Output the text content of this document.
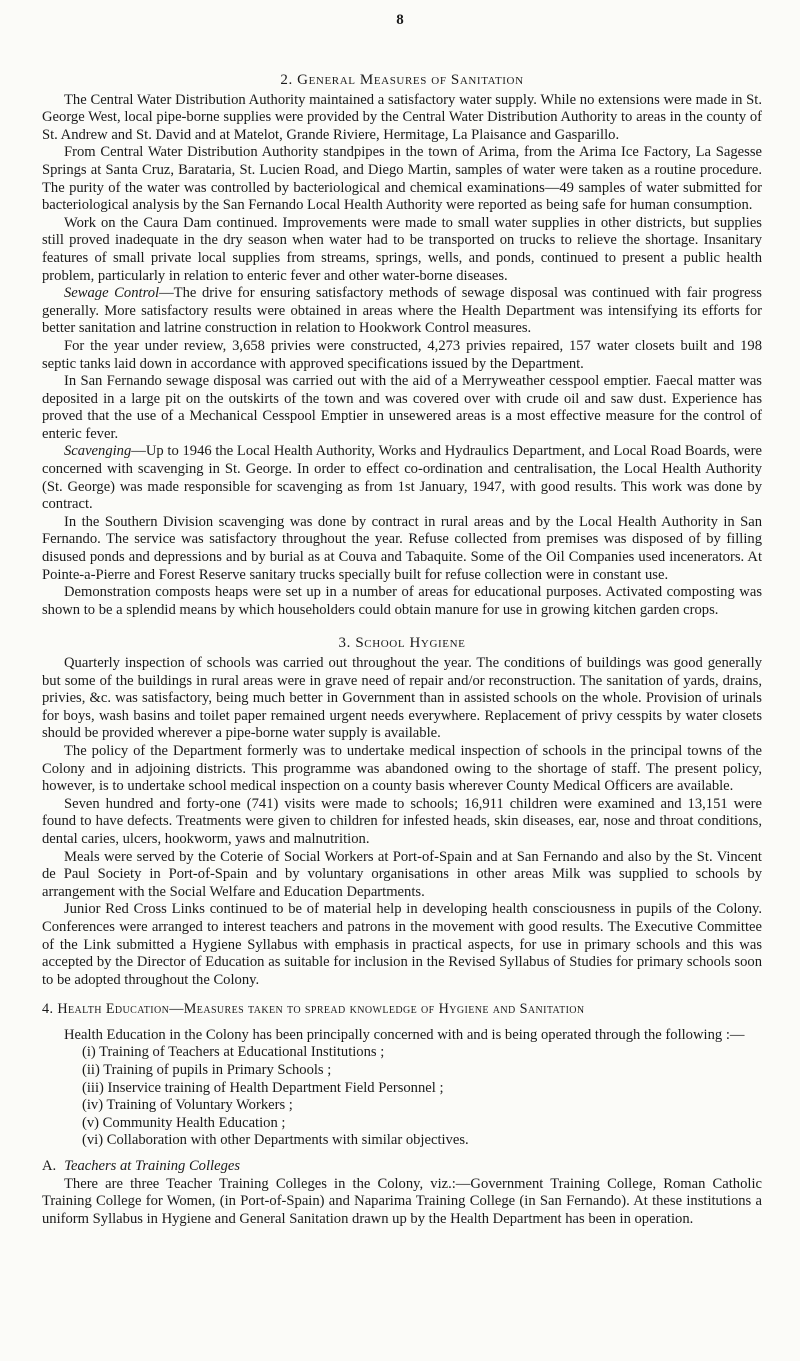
8
2. General Measures of Sanitation

The Central Water Distribution Authority maintained a satisfactory water supply. While no extensions were made in St. George West, local pipe-borne supplies were provided by the Central Water Distribution Authority to areas in the county of St. Andrew and St. David and at Matelot, Grande Riviere, Hermitage, La Plaisance and Gasparillo.

From Central Water Distribution Authority standpipes in the town of Arima, from the Arima Ice Factory, La Sagesse Springs at Santa Cruz, Barataria, St. Lucien Road, and Diego Martin, samples of water were taken as a routine procedure. The purity of the water was controlled by bacteriological and chemical examinations—49 samples of water submitted for bacteriological analysis by the San Fernando Local Health Authority were reported as being safe for human consumption.

Work on the Caura Dam continued. Improvements were made to small water supplies in other districts, but supplies still proved inadequate in the dry season when water had to be transported on trucks to relieve the shortage. Insanitary features of small private local supplies from streams, springs, wells, and ponds, continued to present a public health problem, particularly in relation to enteric fever and other water-borne diseases.

Sewage Control—The drive for ensuring satisfactory methods of sewage disposal was continued with fair progress generally. More satisfactory results were obtained in areas where the Health Department was intensifying its efforts for better sanitation and latrine construction in relation to Hookwork Control measures.

For the year under review, 3,658 privies were constructed, 4,273 privies repaired, 157 water closets built and 198 septic tanks laid down in accordance with approved specifications issued by the Department.

In San Fernando sewage disposal was carried out with the aid of a Merryweather cesspool emptier. Faecal matter was deposited in a large pit on the outskirts of the town and was covered over with crude oil and saw dust. Experience has proved that the use of a Mechanical Cesspool Emptier in unsewered areas is a most effective measure for the control of enteric fever.

Scavenging—Up to 1946 the Local Health Authority, Works and Hydraulics Department, and Local Road Boards, were concerned with scavenging in St. George. In order to effect co-ordination and centralisation, the Local Health Authority (St. George) was made responsible for scavenging as from 1st January, 1947, with good results. This work was done by contract.

In the Southern Division scavenging was done by contract in rural areas and by the Local Health Authority in San Fernando. The service was satisfactory throughout the year. Refuse collected from premises was disposed of by filling disused ponds and depressions and by burial as at Couva and Tabaquite. Some of the Oil Companies used incenerators. At Pointe-a-Pierre and Forest Reserve sanitary trucks specially built for refuse collection were in constant use.

Demonstration composts heaps were set up in a number of areas for educational purposes. Activated composting was shown to be a splendid means by which householders could obtain manure for use in growing kitchen garden crops.

3. School Hygiene

Quarterly inspection of schools was carried out throughout the year. The conditions of buildings was good generally but some of the buildings in rural areas were in grave need of repair and/or reconstruction. The sanitation of yards, drains, privies, &c. was satisfactory, being much better in Government than in assisted schools on the whole. Provision of urinals for boys, wash basins and toilet paper remained urgent needs everywhere. Replacement of privy cesspits by water closets should be provided wherever a pipe-borne water supply is available.

The policy of the Department formerly was to undertake medical inspection of schools in the principal towns of the Colony and in adjoining districts. This programme was abandoned owing to the shortage of staff. The present policy, however, is to undertake school medical inspection on a county basis wherever County Medical Officers are available.

Seven hundred and forty-one (741) visits were made to schools; 16,911 children were examined and 13,151 were found to have defects. Treatments were given to children for infested heads, skin diseases, ear, nose and throat conditions, dental caries, ulcers, hookworm, yaws and malnutrition.

Meals were served by the Coterie of Social Workers at Port-of-Spain and at San Fernando and also by the St. Vincent de Paul Society in Port-of-Spain and by voluntary organisations in other areas Milk was supplied to schools by arrangement with the Social Welfare and Education Departments.

Junior Red Cross Links continued to be of material help in developing health consciousness in pupils of the Colony. Conferences were arranged to interest teachers and patrons in the movement with good results. The Executive Committee of the Link submitted a Hygiene Syllabus with emphasis in practical aspects, for use in primary schools and this was accepted by the Director of Education as suitable for inclusion in the Revised Syllabus of Studies for primary schools soon to be adopted throughout the Colony.

4. Health Education—Measures taken to spread knowledge of Hygiene and Sanitation

Health Education in the Colony has been principally concerned with and is being operated through the following :—

(i) Training of Teachers at Educational Institutions ;
(ii) Training of pupils in Primary Schools ;
(iii) Inservice training of Health Department Field Personnel ;
(iv) Training of Voluntary Workers ;
(v) Community Health Education ;
(vi) Collaboration with other Departments with similar objectives.
A. Teachers at Training Colleges

There are three Teacher Training Colleges in the Colony, viz.:—Government Training College, Roman Catholic Training College for Women, (in Port-of-Spain) and Naparima Training College (in San Fernando). At these institutions a uniform Syllabus in Hygiene and General Sanitation drawn up by the Health Department has been in operation.
